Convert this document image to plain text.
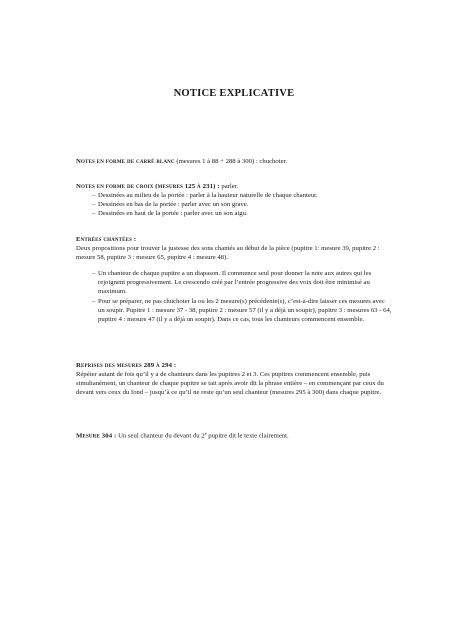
NOTICE EXPLICATIVE

Notes en forme de carré blanc (mesures 1 à 88 + 288 à 300) : chuchoter.

Notes en forme de croix (mesures 125 à 231) : parler.

– Dessinées au milieu de la portée : parler à la hauteur naturelle de chaque chanteur.
– Dessinées en bas de la portée : parler avec un son grave.
– Dessinées en haut de la portée : parler avec un son aigu.

Entrées chantées :

Deux propositions pour trouver la justesse des sons chantés au début de la pièce (pupitre 1: mesure 39, pupitre 2 : mesure 58, pupitre 3 : mesure 65, pupitre 4 : mesure 48).

– Un chanteur de chaque pupitre a un diapason. Il commence seul pour donner la note aux autres qui les rejoignent progressivement. Le crescendo créé par l’entrée progressive des voix doit être minimisé au maximum.
– Pour se préparer, ne pas chuchoter la ou les 2 mesure(s) précédente(s), c’est-à-dire laisser ces mesures avec un soupir. Pupitre 1 : mesure 37 - 38, pupitre 2 : mesure 57 (il y a déjà un soupir), pupitre 3 : mesures 63 - 64, pupitre 4 : mesure 47 (il y a déjà un soupir). Dans ce cas, tous les chanteurs commencent ensemble.

Reprises des mesures 289 à 294 :

Répéter autant de fois qu’il y a de chanteurs dans les pupitres 2 et 3. Ces pupitres commencent ensemble, puis simultanément, un chanteur de chaque pupitre se tait après avoir dit la phrase entière – en commençant par ceux du devant vers ceux du fond – jusqu’à ce qu’il ne reste qu’un seul chanteur (mesures 295 à 300) dans chaque pupitre.

Mesure 304 : Un seul chanteur du devant du 2e pupitre dit le texte clairement.
